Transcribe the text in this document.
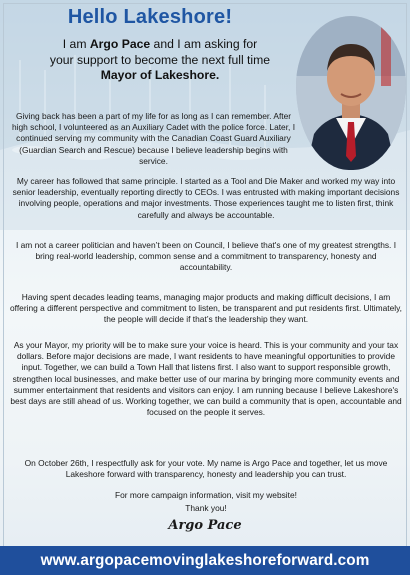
Hello Lakeshore!
I am Argo Pace and I am asking for
your support to become the next full time
Mayor of Lakeshore.
Giving back has been a part of my life for as long as I can remember. After high school, I volunteered as an Auxiliary Cadet with the police force. Later, I continued serving my community with the Canadian Coast Guard Auxiliary (Guardian Search and Rescue) because I believe leadership begins with service.
My career has followed that same principle. I started as a Tool and Die Maker and worked my way into senior leadership, eventually reporting directly to CEOs. I was entrusted with making important decisions involving people, operations and major investments. Those experiences taught me to listen first, think carefully and always be accountable.
I am not a career politician and haven’t been on Council, I believe that's one of my greatest strengths. I bring real-world leadership, common sense and a commitment to transparency, honesty and accountability.
Having spent decades leading teams, managing major products and making difficult decisions, I am offering a different perspective and commitment to listen, be transparent and put residents first. Ultimately, the people will decide if that’s the leadership they want.
As your Mayor, my priority will be to make sure your voice is heard. This is your community and your tax dollars. Before major decisions are made, I want residents to have meaningful opportunities to provide input. Together, we can build a Town Hall that listens first. I also want to support responsible growth, strengthen local businesses, and make better use of our marina by bringing more community events and summer entertainment that residents and visitors can enjoy. I am running because I believe Lakeshore's best days are still ahead of us. Working together, we can build a community that is open, accountable and focused on the people it serves.
On October 26th, I respectfully ask for your vote. My name is Argo Pace and together, let us move Lakeshore forward with transparency, honesty and leadership you can trust.
For more campaign information, visit my website!
Thank you!
Argo Pace
www.argopacemovinglakeshoreforward.com
